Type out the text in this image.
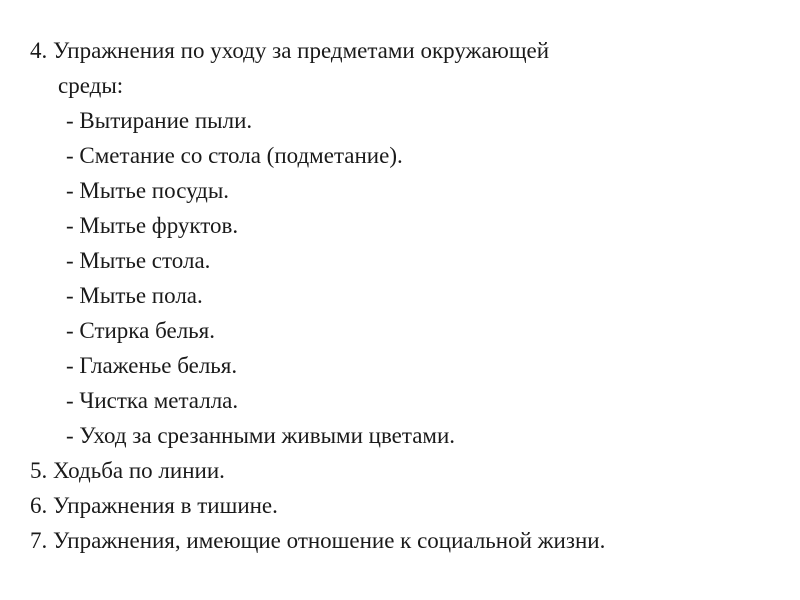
4. Упражнения по уходу за предметами окружающей
среды:
- Вытирание пыли.
- Сметание со стола (подметание).
- Мытье посуды.
- Мытье фруктов.
- Мытье стола.
- Мытье пола.
- Стирка белья.
- Глаженье белья.
- Чистка металла.
- Уход за срезанными живыми цветами.
5. Ходьба по линии.
6. Упражнения в тишине.
7. Упражнения, имеющие отношение к социальной жизни.
